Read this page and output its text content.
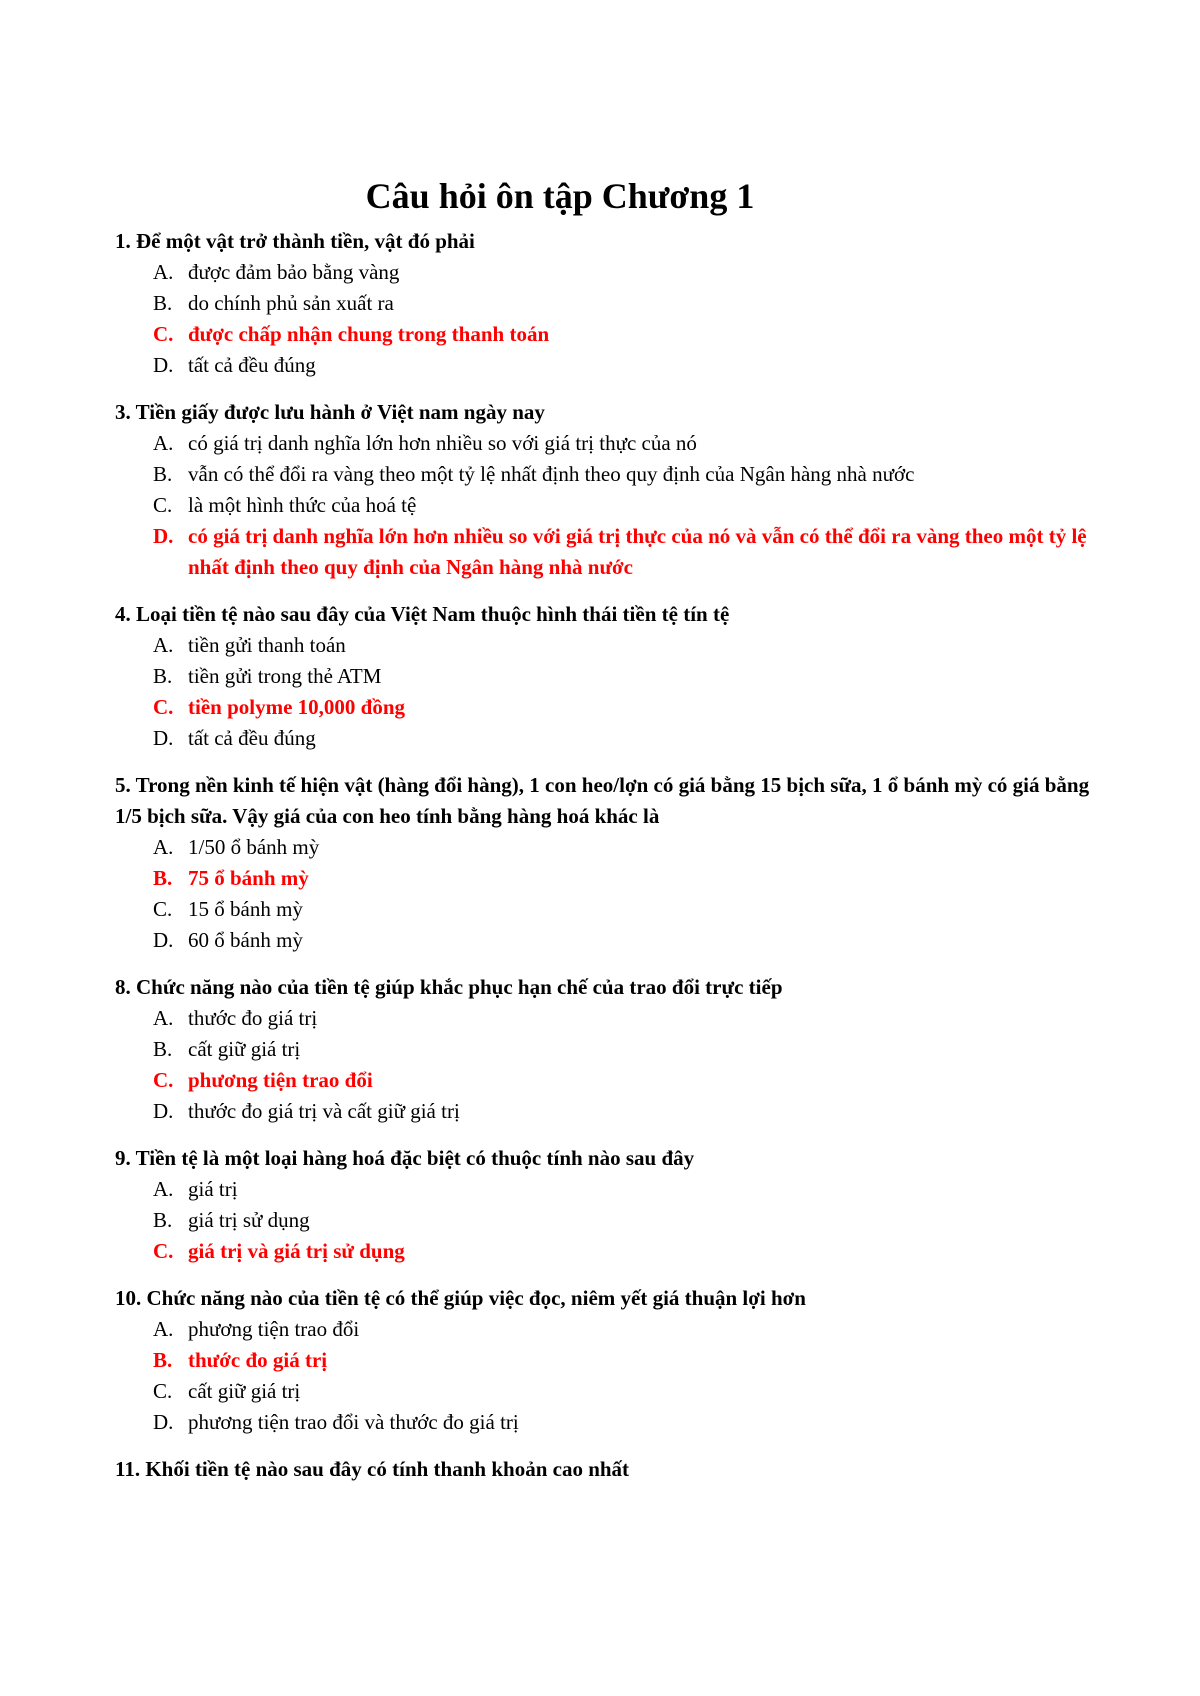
Câu hỏi ôn tập Chương 1

1. Để một vật trở thành tiền, vật đó phải

A. được đảm bảo bằng vàng
B. do chính phủ sản xuất ra
C. được chấp nhận chung trong thanh toán
D. tất cả đều đúng

3. Tiền giấy được lưu hành ở Việt nam ngày nay

A. có giá trị danh nghĩa lớn hơn nhiều so với giá trị thực của nó
B. vẫn có thể đổi ra vàng theo một tỷ lệ nhất định theo quy định của Ngân hàng nhà nước
C. là một hình thức của hoá tệ
D. có giá trị danh nghĩa lớn hơn nhiều so với giá trị thực của nó và vẫn có thể đổi ra vàng theo một tỷ lệ nhất định theo quy định của Ngân hàng nhà nước

4. Loại tiền tệ nào sau đây của Việt Nam thuộc hình thái tiền tệ tín tệ

A. tiền gửi thanh toán
B. tiền gửi trong thẻ ATM
C. tiền polyme 10,000 đồng
D. tất cả đều đúng

5. Trong nền kinh tế hiện vật (hàng đổi hàng), 1 con heo/lợn có giá bằng 15 bịch sữa, 1 ổ bánh mỳ có giá bằng 1/5 bịch sữa. Vậy giá của con heo tính bằng hàng hoá khác là

A. 1/50 ổ bánh mỳ
B. 75 ổ bánh mỳ
C. 15 ổ bánh mỳ
D. 60 ổ bánh mỳ

8. Chức năng nào của tiền tệ giúp khắc phục hạn chế của trao đổi trực tiếp

A. thước đo giá trị
B. cất giữ giá trị
C. phương tiện trao đổi
D. thước đo giá trị và cất giữ giá trị

9. Tiền tệ là một loại hàng hoá đặc biệt có thuộc tính nào sau đây

A. giá trị
B. giá trị sử dụng
C. giá trị và giá trị sử dụng

10. Chức năng nào của tiền tệ có thể giúp việc đọc, niêm yết giá thuận lợi hơn

A. phương tiện trao đổi
B. thước đo giá trị
C. cất giữ giá trị
D. phương tiện trao đổi và thước đo giá trị

11. Khối tiền tệ nào sau đây có tính thanh khoản cao nhất
